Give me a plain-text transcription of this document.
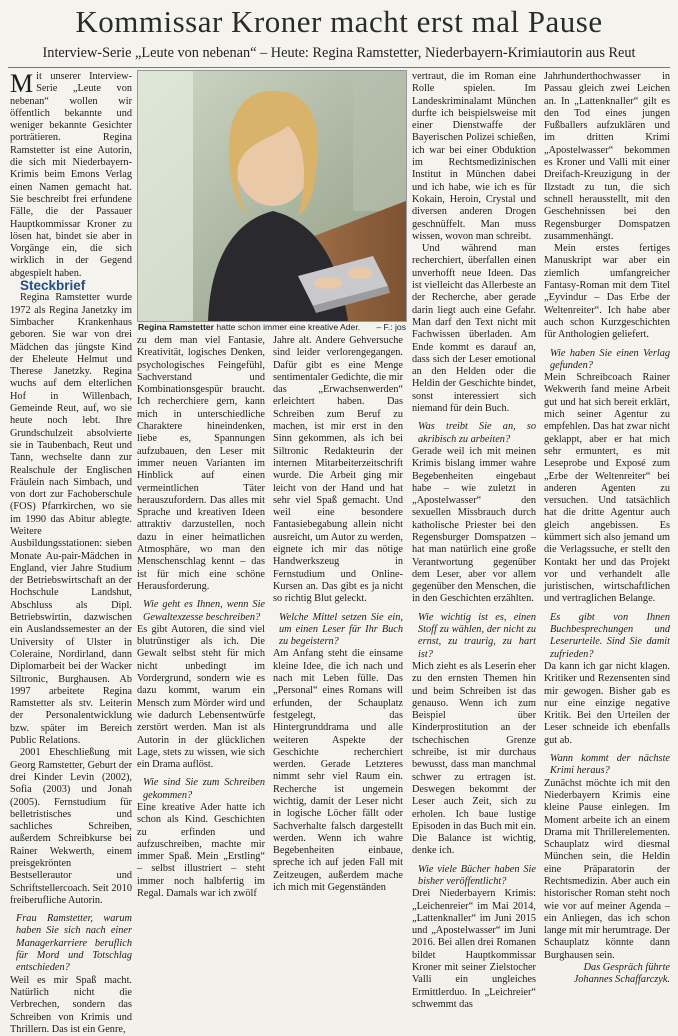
Kommissar Kroner macht erst mal Pause
Interview-Serie „Leute von nebenan“ – Heute: Regina Ramstetter, Niederbayern-Krimiautorin aus Reut

Mit unserer Interview-Serie „Leute von nebenan“ wollen wir öffentlich bekannte und weniger bekannte Gesichter porträtieren. Regina Ramstetter ist eine Autorin, die sich mit Niederbayern-Krimis beim Emons Verlag einen Namen gemacht hat. Sie beschreibt frei erfundene Fälle, die der Passauer Hauptkommissar Kroner zu lösen hat, bindet sie aber in Vorgänge ein, die sich wirklich in der Gegend abgespielt haben.

Steckbrief

Regina Ramstetter wurde 1972 als Regina Janetzky im Simbacher Krankenhaus geboren. Sie war von drei Mädchen das jüngste Kind der Eheleute Helmut und Therese Janetzky. Regina wuchs auf dem elterlichen Hof in Willenbach, Gemeinde Reut, auf, wo sie heute noch lebt. Ihre Grundschulzeit absolvierte sie in Taubenbach, Reut und Tann, wechselte dann zur Realschule der Englischen Fräulein nach Simbach, und von dort zur Fachoberschule (FOS) Pfarrkirchen, wo sie im 1990 das Abitur ablegte. Weitere Ausbildungsstationen: sieben Monate Au-pair-Mädchen in England, vier Jahre Studium der Betriebswirtschaft an der Hochschule Landshut, Abschluss als Dipl. Betriebswirtin, dazwischen ein Auslandssemester an der University of Ulster in Coleraine, Nordirland, dann Diplomarbeit bei der Wacker Siltronic, Burghausen. Ab 1997 arbeitete Regina Ramstetter als stv. Leiterin der Personalentwicklung bzw. später im Bereich Public Relations.

2001 Eheschließung mit Georg Ramstetter, Geburt der drei Kinder Levin (2002), Sofia (2003) und Jonah (2005). Fernstudium für belletristisches und sachliches Schreiben, außerdem Schreibkurse bei Rainer Wekwerth, einem preisgekrönten Bestsellerautor und Schriftstellercoach. Seit 2010 freiberufliche Autorin.

Frau Ramstetter, warum haben Sie sich nach einer Managerkarriere beruflich für Mord und Totschlag entschieden?

Weil es mir Spaß macht. Natürlich nicht die Verbrechen, sondern das Schreiben von Krimis und Thrillern. Das ist ein Genre,

Regina Ramstetter hatte schon immer eine kreative Ader. – F.: jos

zu dem man viel Fantasie, Kreativität, logisches Denken, psychologisches Feingefühl, Sachverstand und Kombinationsgespür braucht. Ich recherchiere gern, kann mich in unterschiedliche Charaktere hineindenken, liebe es, Spannungen aufzubauen, den Leser mit immer neuen Varianten im Hinblick auf einen vermeintlichen Täter herauszufordern. Das alles mit Sprache und kreativen Ideen attraktiv darzustellen, noch dazu in einer heimatlichen Atmosphäre, wo man den Menschenschlag kennt – das ist für mich eine schöne Herausforderung.

Wie geht es Ihnen, wenn Sie Gewaltexzesse beschreiben?

Es gibt Autoren, die sind viel blutrünstiger als ich. Die Gewalt selbst steht für mich nicht unbedingt im Vordergrund, sondern wie es dazu kommt, warum ein Mensch zum Mörder wird und wie dadurch Lebensentwürfe zerstört werden. Man ist als Autorin in der glücklichen Lage, stets zu wissen, wie sich ein Drama auflöst.

Wie sind Sie zum Schreiben gekommen?

Eine kreative Ader hatte ich schon als Kind. Geschichten zu erfinden und aufzuschreiben, machte mir immer Spaß. Mein „Erstling“ – selbst illustriert – steht immer noch halbfertig im Regal. Damals war ich zwölf

Jahre alt. Andere Gehversuche sind leider verlorengegangen. Dafür gibt es eine Menge sentimentaler Gedichte, die mir das „Erwachsenwerden“ erleichtert haben. Das Schreiben zum Beruf zu machen, ist mir erst in den Sinn gekommen, als ich bei Siltronic Redakteurin der internen Mitarbeiterzeitschrift wurde. Die Arbeit ging mir leicht von der Hand und hat sehr viel Spaß gemacht. Und weil eine besondere Fantasiebegabung allein nicht ausreicht, um Autor zu werden, eignete ich mir das nötige Handwerkszeug in Fernstudium und Online-Kursen an. Das gibt es ja nicht so richtig Blut geleckt.

Welche Mittel setzen Sie ein, um einen Leser für Ihr Buch zu begeistern?

Am Anfang steht die einsame kleine Idee, die ich nach und nach mit Leben fülle. Das „Personal“ eines Romans will erfunden, der Schauplatz festgelegt, das Hintergrunddrama und alle weiteren Aspekte der Geschichte recherchiert werden. Gerade Letzteres nimmt sehr viel Raum ein. Recherche ist ungemein wichtig, damit der Leser nicht in logische Löcher fällt oder Sachverhalte falsch dargestellt werden. Wenn ich wahre Begebenheiten einbaue, spreche ich auf jeden Fall mit Zeitzeugen, außerdem mache ich mich mit Gegenständen

vertraut, die im Roman eine Rolle spielen. Im Landeskriminalamt München durfte ich beispielsweise mit einer Dienstwaffe der Bayerischen Polizei schießen, ich war bei einer Obduktion im Rechtsmedizinischen Institut in München dabei und ich habe, wie ich es für Kokain, Heroin, Crystal und diversen anderen Drogen geschnüffelt. Man muss wissen, wovon man schreibt.

Und während man recherchiert, überfallen einen unverhofft neue Ideen. Das ist vielleicht das Allerbeste an der Recherche, aber gerade darin liegt auch eine Gefahr. Man darf den Text nicht mit Fachwissen überladen. Am Ende kommt es darauf an, dass sich der Leser emotional an den Helden oder die Heldin der Geschichte bindet, sonst interessiert sich niemand für dein Buch.

Was treibt Sie an, so akribisch zu arbeiten?

Gerade weil ich mit meinen Krimis bislang immer wahre Begebenheiten eingebaut habe – wie zuletzt in „Apostelwasser“ den sexuellen Missbrauch durch katholische Priester bei den Regensburger Domspatzen – hat man natürlich eine große Verantwortung gegenüber dem Leser, aber vor allem gegenüber den Menschen, die in den Geschichten erzählten.

Wie wichtig ist es, einen Stoff zu wählen, der nicht zu ernst, zu traurig, zu hart ist?

Mich zieht es als Leserin eher zu den ernsten Themen hin und beim Schreiben ist das genauso. Wenn ich zum Beispiel über Kinderprostitution an der tschechischen Grenze schreibe, ist mir durchaus bewusst, dass man manchmal schwer zu ertragen ist. Deswegen bekommt der Leser auch Zeit, sich zu erholen. Ich baue lustige Episoden in das Buch mit ein. Die Balance ist wichtig, denke ich.

Wie viele Bücher haben Sie bisher veröffentlicht?

Drei Niederbayern Krimis: „Leichenreier“ im Mai 2014, „Lattenknaller“ im Juni 2015 und „Apostelwasser“ im Juni 2016. Bei allen drei Romanen bildet Hauptkommissar Kroner mit seiner Zielstocher Valli ein ungleiches Ermittlerduo. In „Leichreier“ schwemmt das

Jahrhunderthochwasser in Passau gleich zwei Leichen an. In „Lattenknaller“ gilt es den Tod eines jungen Fußballers aufzuklären und im dritten Krimi „Apostelwasser“ bekommen es Kroner und Valli mit einer Dreifach-Kreuzigung in der Ilzstadt zu tun, die sich schnell herausstellt, mit den Geschehnissen bei den Regensburger Domspatzen zusammenhängt.

Mein erstes fertiges Manuskript war aber ein ziemlich umfangreicher Fantasy-Roman mit dem Titel „Eyvindur – Das Erbe der Weltenreiter“. Ich habe aber auch schon Kurzgeschichten für Anthologien geliefert.

Wie haben Sie einen Verlag gefunden?

Mein Schreibcoach Rainer Wekwerth fand meine Arbeit gut und hat sich bereit erklärt, mich seiner Agentur zu empfehlen. Das hat zwar nicht geklappt, aber er hat mich sehr ermuntert, es mit Leseprobe und Exposé zum „Erbe der Weltenreiter“ bei anderen Agenten zu versuchen. Und tatsächlich hat die dritte Agentur auch gleich angebissen. Es kümmert sich also jemand um die Verlagssuche, er stellt den Kontakt her und das Projekt vor und verhandelt alle juristischen, wirtschaftlichen und vertraglichen Belange.

Es gibt von Ihnen Buchbesprechungen und Leserurteile. Sind Sie damit zufrieden?

Da kann ich gar nicht klagen. Kritiker und Rezensenten sind mir gewogen. Bisher gab es nur eine einzige negative Kritik. Bei den Urteilen der Leser schneide ich ebenfalls gut ab.

Wann kommt der nächste Krimi heraus?

Zunächst möchte ich mit den Niederbayern Krimis eine kleine Pause einlegen. Im Moment arbeite ich an einem Drama mit Thrillerelementen. Schauplatz wird diesmal München sein, die Heldin eine Präparatorin der Rechtsmedizin. Aber auch ein historischer Roman steht noch wie vor auf meiner Agenda – ein Anliegen, das ich schon lange mit mir herumtrage. Der Schauplatz könnte dann Burghausen sein.

Das Gespräch führte Johannes Schaffarczyk.
